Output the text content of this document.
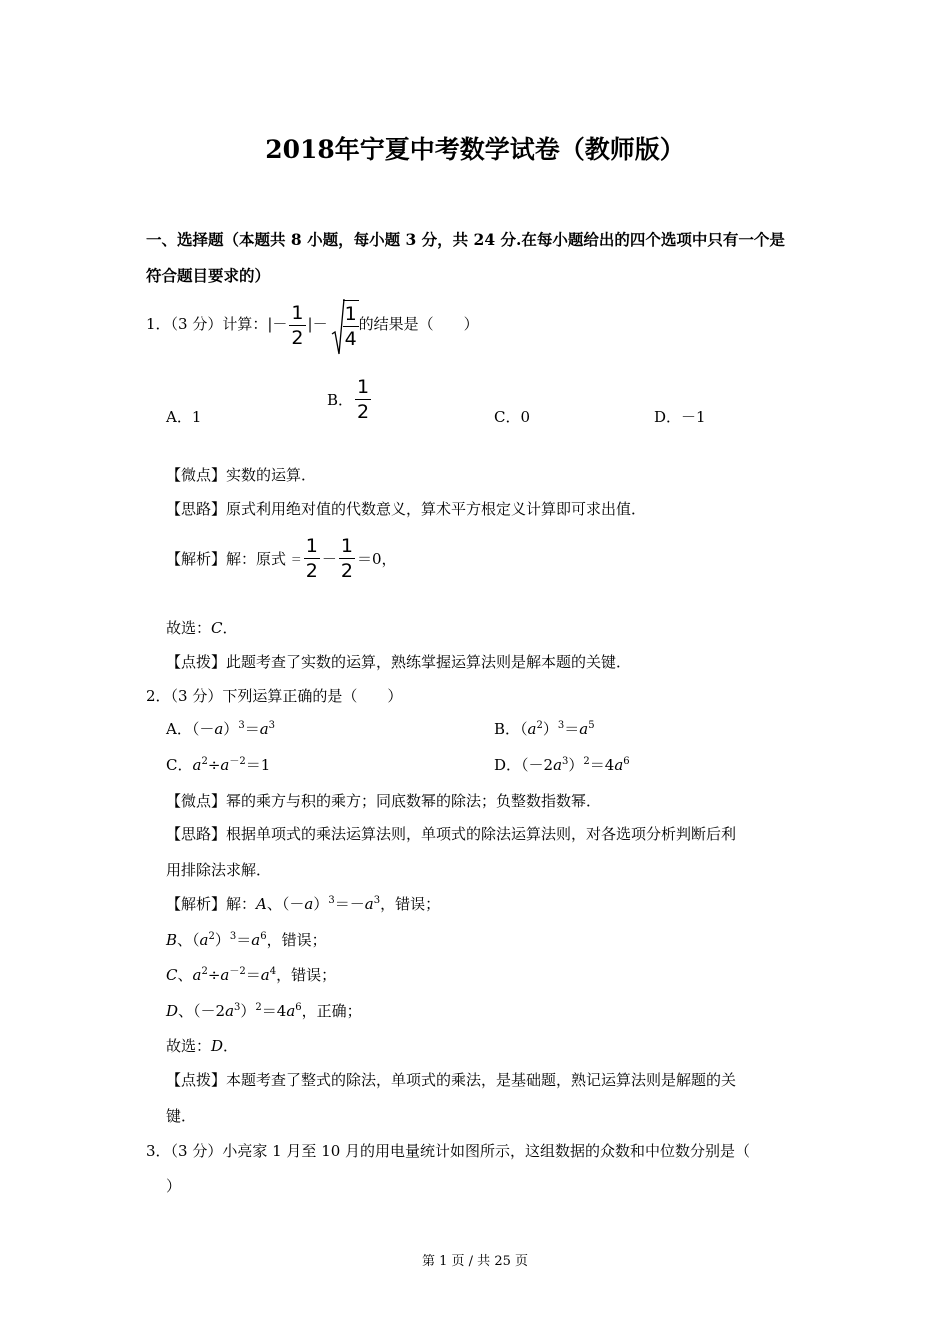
2018年宁夏中考数学试卷（教师版）
一、选择题（本题共 8 小题，每小题 3 分，共 24 分.在每小题给出的四个选项中只有一个是
符合题目要求的）
1．（3 分）计算：|－ $\frac{1}{2}$ |－ $\frac{1}{4}$ 的结果是（　　）
A．1
B． $\frac{1}{2}$	C．0	D．－1
【微点】实数的运算．
【思路】原式利用绝对值的代数意义，算术平方根定义计算即可求出值．
【解析】解：原式 ＝ $\frac{1}{2} - \frac{1}{2} =0$，
故选：C．
【点拨】此题考查了实数的运算，熟练掌握运算法则是解本题的关键．
2．（3 分）下列运算正确的是（　　）
A．$(-a)^3=a^3$	B．$(a^2)^3=a^5$
C．$a^2\div a^{-2}=1$	D．$(-2a^3)^2=4a^6$
【微点】幂的乘方与积的乘方；同底数幂的除法；负整数指数幂．
【思路】根据单项式的乘法运算法则，单项式的除法运算法则，对各选项分析判断后利
用排除法求解．
【解析】解：A、$(-a)^3=-a^3$，错误；
B、$(a^2)^3=a^6$，错误；
C、$a^2\div a^{-2}=a^4$，错误；
D、$(-2a^3)^2=4a^6$，正确；
故选：D．
【点拨】本题考查了整式的除法，单项式的乘法，是基础题，熟记运算法则是解题的关
键．
3．（3 分）小亮家 1 月至 10 月的用电量统计如图所示，这组数据的众数和中位数分别是（
）
第 1 页 / 共 25 页
